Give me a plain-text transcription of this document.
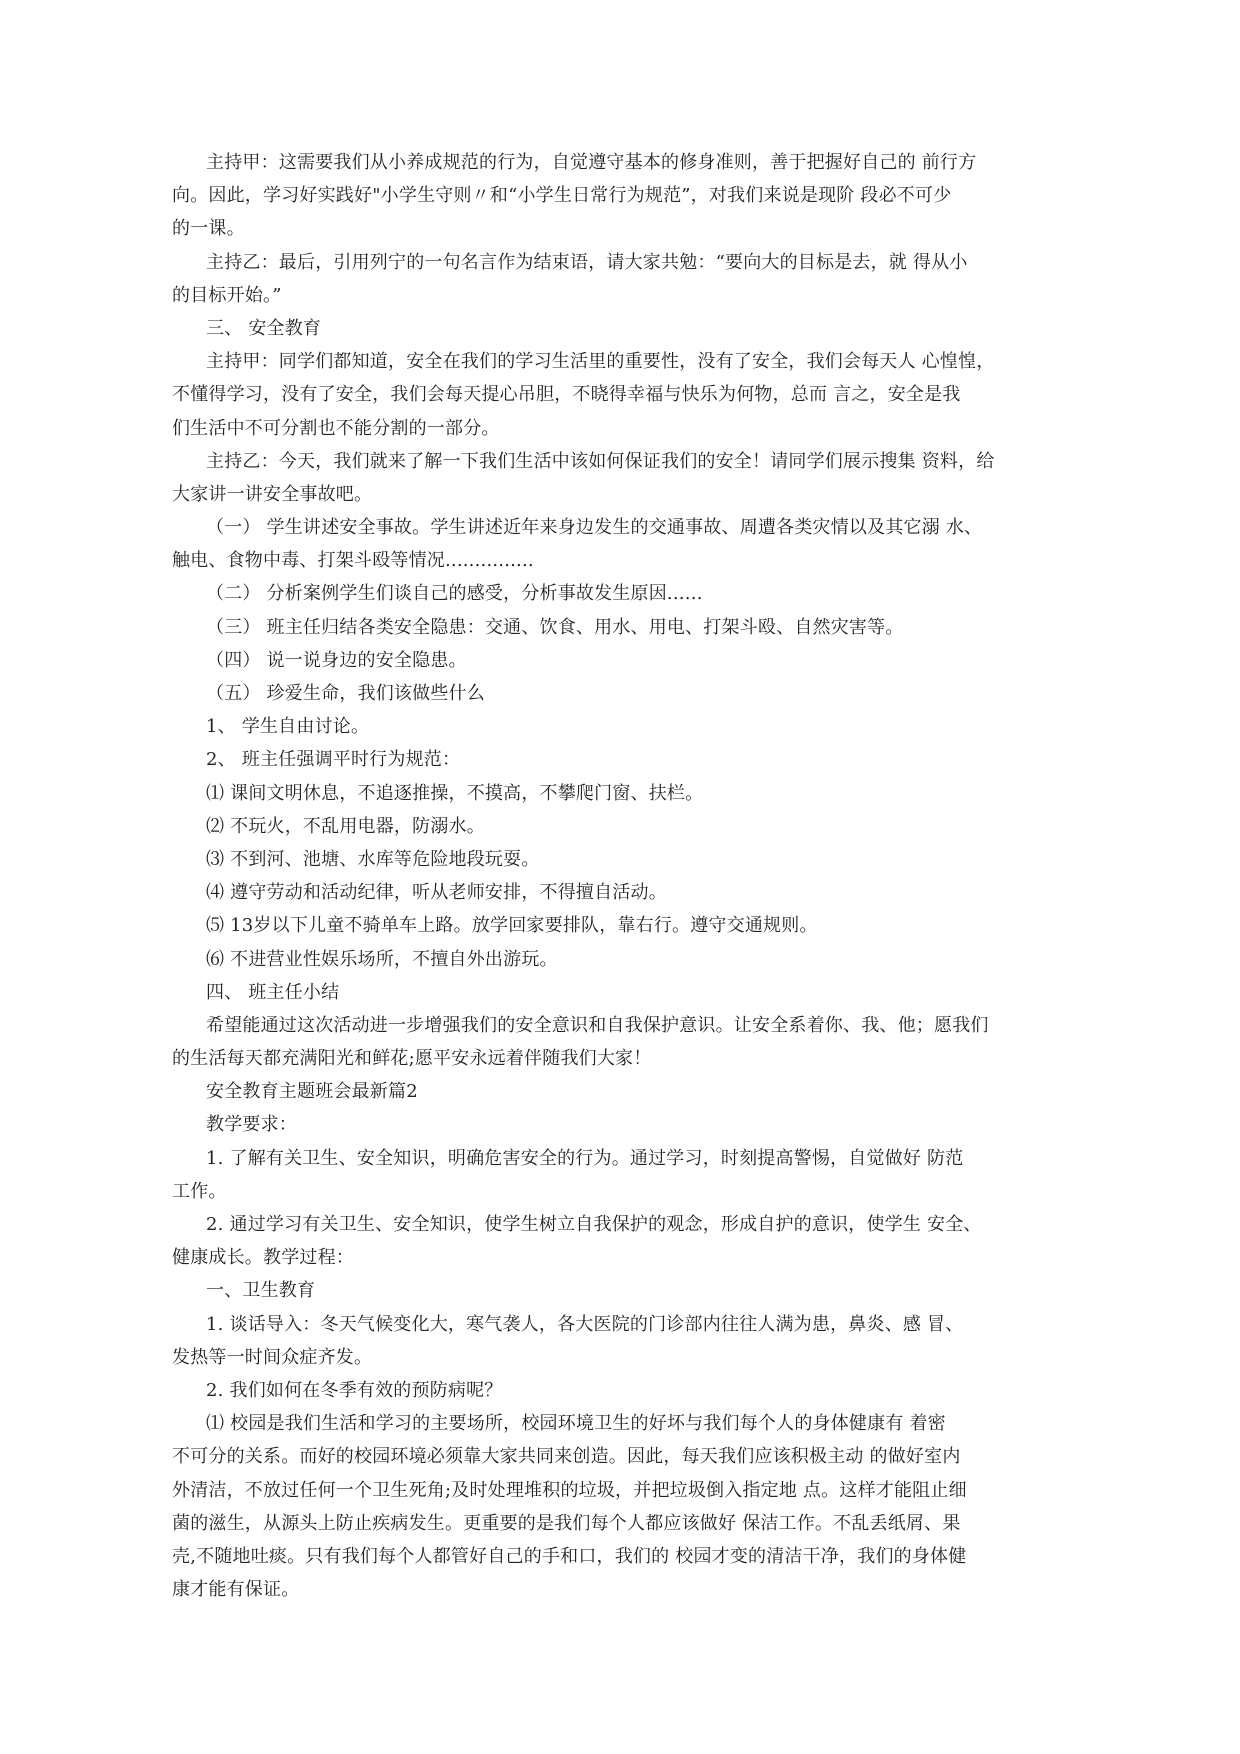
主持甲：这需要我们从小养成规范的行为，自觉遵守基本的修身准则，善于把握好自己的 前行方
向。因此，学习好实践好"小学生守则〃和“小学生日常行为规范”，对我们来说是现阶 段必不可少
的一课。
主持乙：最后，引用列宁的一句名言作为结束语，请大家共勉：“要向大的目标是去，就 得从小
的目标开始。”
三、 安全教育
主持甲：同学们都知道，安全在我们的学习生活里的重要性，没有了安全，我们会每天人 心惶惶，
不懂得学习，没有了安全，我们会每天提心吊胆，不晓得幸福与快乐为何物，总而 言之，安全是我
们生活中不可分割也不能分割的一部分。
主持乙：今天，我们就来了解一下我们生活中该如何保证我们的安全！请同学们展示搜集 资料，给
大家讲一讲安全事故吧。
（一） 学生讲述安全事故。学生讲述近年来身边发生的交通事故、周遭各类灾情以及其它溺 水、
触电、食物中毒、打架斗殴等情况...............
（二） 分析案例学生们谈自己的感受，分析事故发生原因...…
（三） 班主任归结各类安全隐患：交通、饮食、用水、用电、打架斗殴、自然灾害等。
（四） 说一说身边的安全隐患。
（五） 珍爱生命，我们该做些什么
1、 学生自由讨论。
2、 班主任强调平时行为规范：
⑴ 课间文明休息，不追逐推操，不摸高，不攀爬门窗、扶栏。
⑵ 不玩火，不乱用电器，防溺水。
⑶ 不到河、池塘、水库等危险地段玩耍。
⑷ 遵守劳动和活动纪律，听从老师安排，不得擅自活动。
⑸ 13岁以下儿童不骑单车上路。放学回家要排队，靠右行。遵守交通规则。
⑹ 不进营业性娱乐场所，不擅自外出游玩。
四、 班主任小结
希望能通过这次活动进一步增强我们的安全意识和自我保护意识。让安全系着你、我、他；愿我们
的生活每天都充满阳光和鲜花;愿平安永远着伴随我们大家！
安全教育主题班会最新篇2
教学要求：
1. 了解有关卫生、安全知识，明确危害安全的行为。通过学习，时刻提高警惕，自觉做好 防范
工作。
2. 通过学习有关卫生、安全知识，使学生树立自我保护的观念，形成自护的意识，使学生 安全、
健康成长。教学过程：
一、卫生教育
1. 谈话导入：冬天气候变化大，寒气袭人，各大医院的门诊部内往往人满为患，鼻炎、感 冒、
发热等一时间众症齐发。
2. 我们如何在冬季有效的预防病呢？
⑴ 校园是我们生活和学习的主要场所，校园环境卫生的好坏与我们每个人的身体健康有 着密
不可分的关系。而好的校园环境必须靠大家共同来创造。因此，每天我们应该积极主动 的做好室内
外清洁，不放过任何一个卫生死角;及时处理堆积的垃圾，并把垃圾倒入指定地 点。这样才能阻止细
菌的滋生，从源头上防止疾病发生。更重要的是我们每个人都应该做好 保洁工作。不乱丢纸屑、果
壳,不随地吐痰。只有我们每个人都管好自己的手和口，我们的 校园才变的清洁干净，我们的身体健
康才能有保证。
